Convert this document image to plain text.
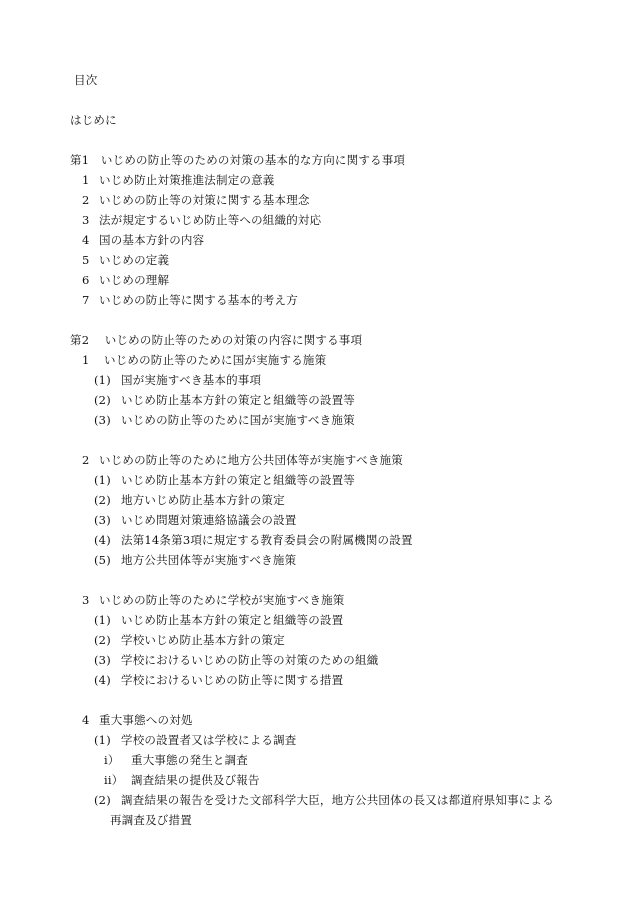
目次
はじめに
第1　いじめの防止等のための対策の基本的な方向に関する事項
1 いじめ防止対策推進法制定の意義
2 いじめの防止等の対策に関する基本理念
3 法が規定するいじめ防止等への組織的対応
4 国の基本方針の内容
5 いじめの定義
6 いじめの理解
7 いじめの防止等に関する基本的考え方
第2　 いじめの防止等のための対策の内容に関する事項
1 いじめの防止等のために国が実施する施策
(1) 国が実施すべき基本的事項
(2) いじめ防止基本方針の策定と組織等の設置等
(3) いじめの防止等のために国が実施すべき施策
2 いじめの防止等のために地方公共団体等が実施すべき施策
(1) いじめ防止基本方針の策定と組織等の設置等
(2) 地方いじめ防止基本方針の策定
(3) いじめ問題対策連絡協議会の設置
(4) 法第14条第3項に規定する教育委員会の附属機関の設置
(5) 地方公共団体等が実施すべき施策
3 いじめの防止等のために学校が実施すべき施策
(1) いじめ防止基本方針の策定と組織等の設置
(2) 学校いじめ防止基本方針の策定
(3) 学校におけるいじめの防止等の対策のための組織
(4) 学校におけるいじめの防止等に関する措置
4 重大事態への対処
(1) 学校の設置者又は学校による調査
i） 重大事態の発生と調査
ii） 調査結果の提供及び報告
(2) 調査結果の報告を受けた文部科学大臣，地方公共団体の長又は都道府県知事による
再調査及び措置
